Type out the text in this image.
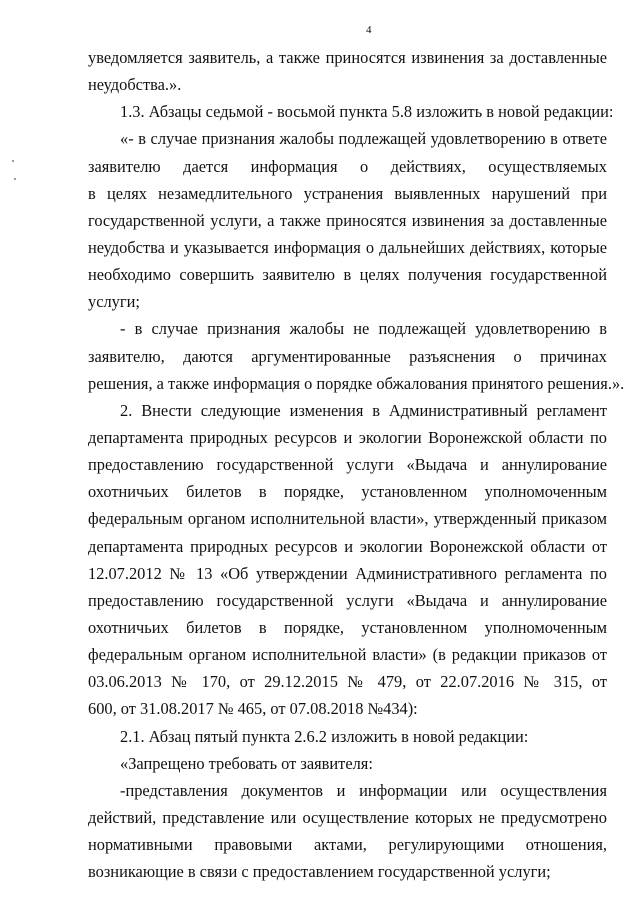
4
уведомляется заявитель, а также приносятся извинения за доставленные
неудобства.».
1.3. Абзацы седьмой - восьмой пункта 5.8 изложить в новой редакции:
«- в случае признания жалобы подлежащей удовлетворению в ответе
заявителю дается информация о действиях, осуществляемых
в целях незамедлительного устранения выявленных нарушений при
государственной услуги, а также приносятся извинения за доставленные
неудобства и указывается информация о дальнейших действиях, которые
необходимо совершить заявителю в целях получения государственной
услуги;
- в случае признания жалобы не подлежащей удовлетворению в
заявителю, даются аргументированные разъяснения о причинах
решения, а также информация о порядке обжалования принятого решения.».
2. Внести следующие изменения в Административный регламент
департамента природных ресурсов и экологии Воронежской области по
предоставлению государственной услуги «Выдача и аннулирование
охотничьих билетов в порядке, установленном уполномоченным
федеральным органом исполнительной власти», утвержденный приказом
департамента природных ресурсов и экологии Воронежской области от
12.07.2012 № 13 «Об утверждении Административного регламента по
предоставлению государственной услуги «Выдача и аннулирование
охотничьих билетов в порядке, установленном уполномоченным
федеральным органом исполнительной власти» (в редакции приказов от
03.06.2013 № 170, от 29.12.2015 № 479, от 22.07.2016 № 315, от
600, от 31.08.2017 № 465, от 07.08.2018 №434):
2.1. Абзац пятый пункта 2.6.2 изложить в новой редакции:
«Запрещено требовать от заявителя:
-представления документов и информации или осуществления
действий, представление или осуществление которых не предусмотрено
нормативными правовыми актами, регулирующими отношения,
возникающие в связи с предоставлением государственной услуги;
